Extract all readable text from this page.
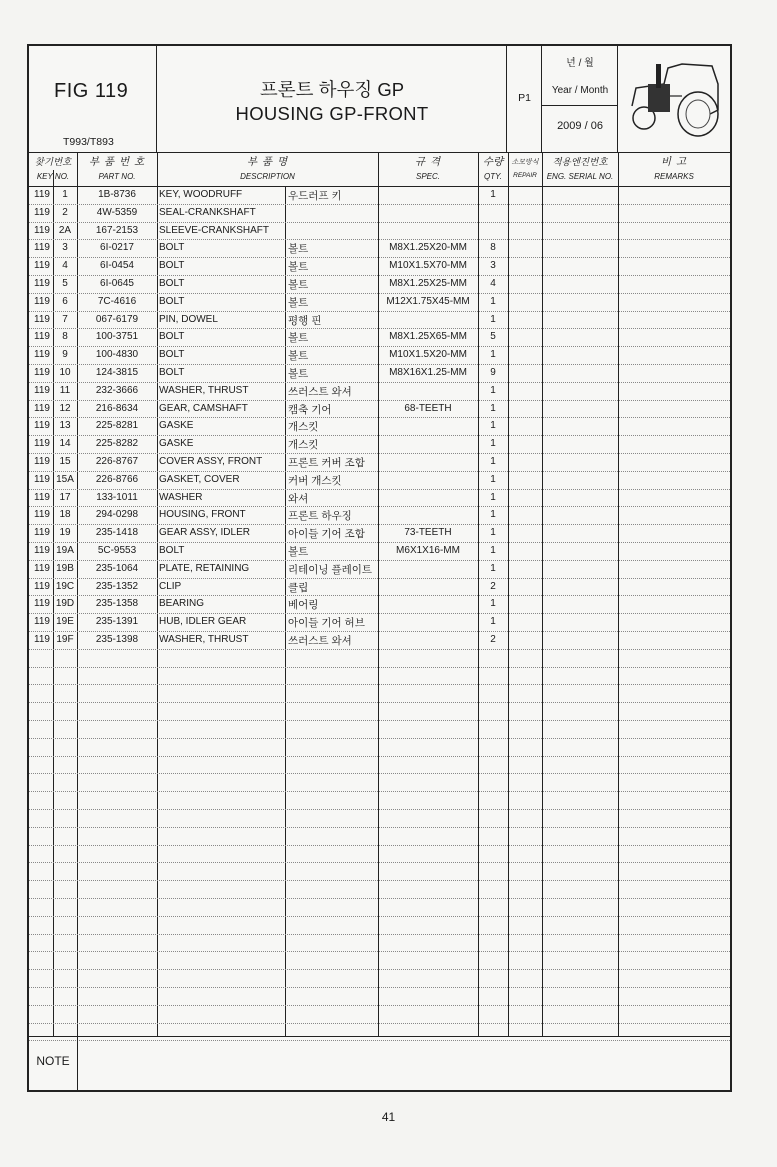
FIG 119
T993/T893
프론트 하우징 GP
HOUSING GP-FRONT
P1
년 / 월
Year / Month
2009 / 06
찾기번호
KEY NO.
부 품 번 호
PART NO.
부 품 명
DESCRIPTION
규 격
SPEC.
수량
QTY.
소모방식
REPAIR
적용엔진번호
ENG. SERIAL NO.
비 고
REMARKS
119	1	1B-8736	KEY, WOODRUFF	우드러프 키	1
119	2	4W-5359	SEAL-CRANKSHAFT
119 2A	167-2153	SLEEVE-CRANKSHAFT
119	3	6I-0217	BOLT	볼트	M8X1.25X20-MM	8
119	4	6I-0454	BOLT	볼트	M10X1.5X70-MM	3
119	5	6I-0645	BOLT	볼트	M8X1.25X25-MM	4
119	6	7C-4616	BOLT	볼트	M12X1.75X45-MM	1
119	7	067-6179	PIN, DOWEL	평행 핀	1
119	8	100-3751	BOLT	볼트	M8X1.25X65-MM	5
119	9	100-4830	BOLT	볼트	M10X1.5X20-MM	1
119 10	124-3815	BOLT	볼트	M8X16X1.25-MM	9
119 11	232-3666	WASHER, THRUST	쓰러스트 와셔	1
119 12	216-8634	GEAR, CAMSHAFT	캠축 기어	68-TEETH	1
119 13	225-8281	GASKE	개스킷	1
119 14	225-8282	GASKE	개스킷	1
119 15	226-8767	COVER ASSY, FRONT 프론트 커버 조합	1
119 15A	226-8766	GASKET, COVER	커버 개스킷	1
119 17	133-1011	WASHER	와셔	1
119 18	294-0298	HOUSING, FRONT	프론트 하우징	1
119 19	235-1418	GEAR ASSY, IDLER	아이들 기어 조합	73-TEETH	1
119 19A	5C-9553	BOLT	볼트	M6X1X16-MM	1
119 19B	235-1064	PLATE, RETAINING	리테이닝 플레이트	1
119 19C	235-1352	CLIP	클립	2
119 19D	235-1358	BEARING	베어링	1
119 19E	235-1391	HUB, IDLER GEAR	아이들 기어 허브	1
119 19F	235-1398	WASHER, THRUST	쓰러스트 와셔	2
NOTE
41
